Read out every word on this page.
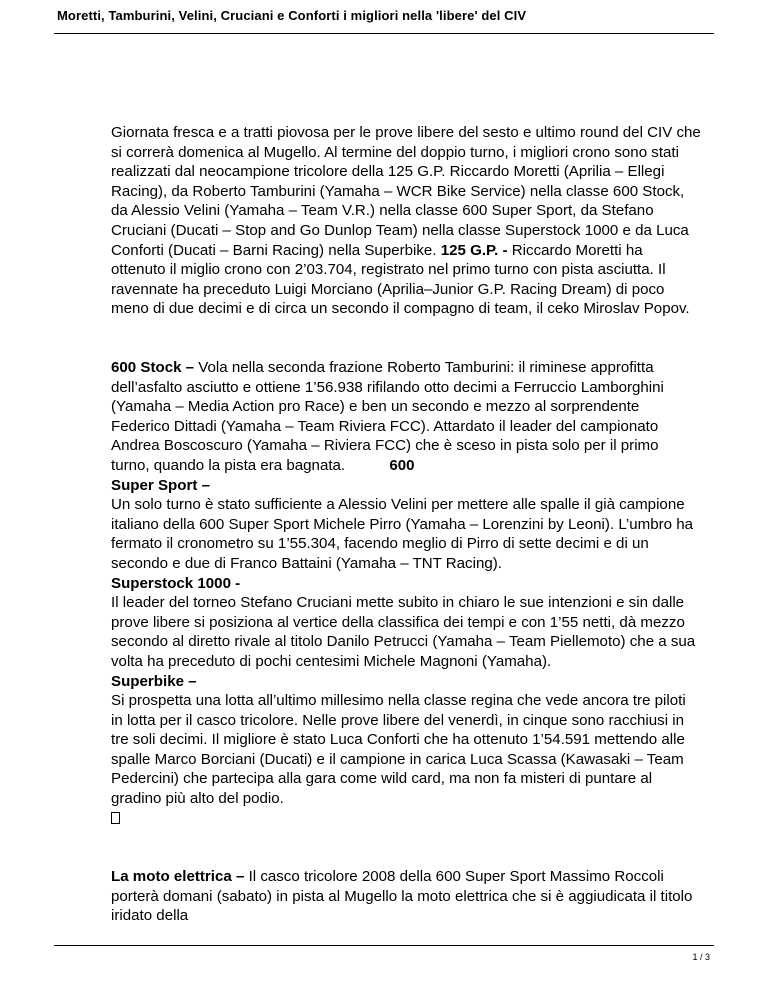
Moretti, Tamburini, Velini, Cruciani e Conforti i migliori nella 'libere' del CIV

Giornata fresca e a tratti piovosa per le prove libere del sesto e ultimo round del CIV che si correrà domenica al Mugello. Al termine del doppio turno, i migliori crono sono stati realizzati dal neocampione tricolore della 125 G.P. Riccardo Moretti (Aprilia – Ellegi Racing), da Roberto Tamburini (Yamaha – WCR Bike Service) nella classe 600 Stock, da Alessio Velini (Yamaha – Team V.R.) nella classe 600 Super Sport, da Stefano Cruciani (Ducati – Stop and Go Dunlop Team) nella classe Superstock 1000 e da Luca Conforti (Ducati – Barni Racing) nella Superbike. 125 G.P. - Riccardo Moretti ha ottenuto il miglio crono con 2’03.704, registrato nel primo turno con pista asciutta. Il ravennate ha preceduto Luigi Morciano (Aprilia–Junior G.P. Racing Dream) di poco meno di due decimi e di circa un secondo il compagno di team, il ceko Miroslav Popov.

600 Stock – Vola nella seconda frazione Roberto Tamburini: il riminese approfitta dell’asfalto asciutto e ottiene 1’56.938 rifilando otto decimi a Ferruccio Lamborghini (Yamaha – Media Action pro Race) e ben un secondo e mezzo al sorprendente Federico Dittadi (Yamaha – Team Riviera FCC). Attardato il leader del campionato Andrea Boscoscuro (Yamaha – Riviera FCC) che è sceso in pista solo per il primo turno, quando la pista era bagnata.	600

Super Sport –

Un solo turno è stato sufficiente a Alessio Velini per mettere alle spalle il già campione italiano della 600 Super Sport Michele Pirro (Yamaha – Lorenzini by Leoni). L’umbro ha fermato il cronometro su 1’55.304, facendo meglio di Pirro di sette decimi e di un secondo e due di Franco Battaini (Yamaha – TNT Racing).

Superstock 1000 -

Il leader del torneo Stefano Cruciani mette subito in chiaro le sue intenzioni e sin dalle prove libere si posiziona al vertice della classifica dei tempi e con 1’55 netti, dà mezzo secondo al diretto rivale al titolo Danilo Petrucci (Yamaha – Team Piellemoto) che a sua volta ha preceduto di pochi centesimi Michele Magnoni (Yamaha).

Superbike –

Si prospetta una lotta all’ultimo millesimo nella classe regina che vede ancora tre piloti in lotta per il casco tricolore. Nelle prove libere del venerdì, in cinque sono racchiusi in tre soli decimi. Il migliore è stato Luca Conforti che ha ottenuto 1’54.591 mettendo alle spalle Marco Borciani (Ducati) e il campione in carica Luca Scassa (Kawasaki – Team Pedercini) che partecipa alla gara come wild card, ma non fa misteri di puntare al gradino più alto del podio.

La moto elettrica – Il casco tricolore 2008 della 600 Super Sport Massimo Roccoli porterà domani (sabato) in pista al Mugello la moto elettrica che si è aggiudicata il titolo iridato della

1 / 3
